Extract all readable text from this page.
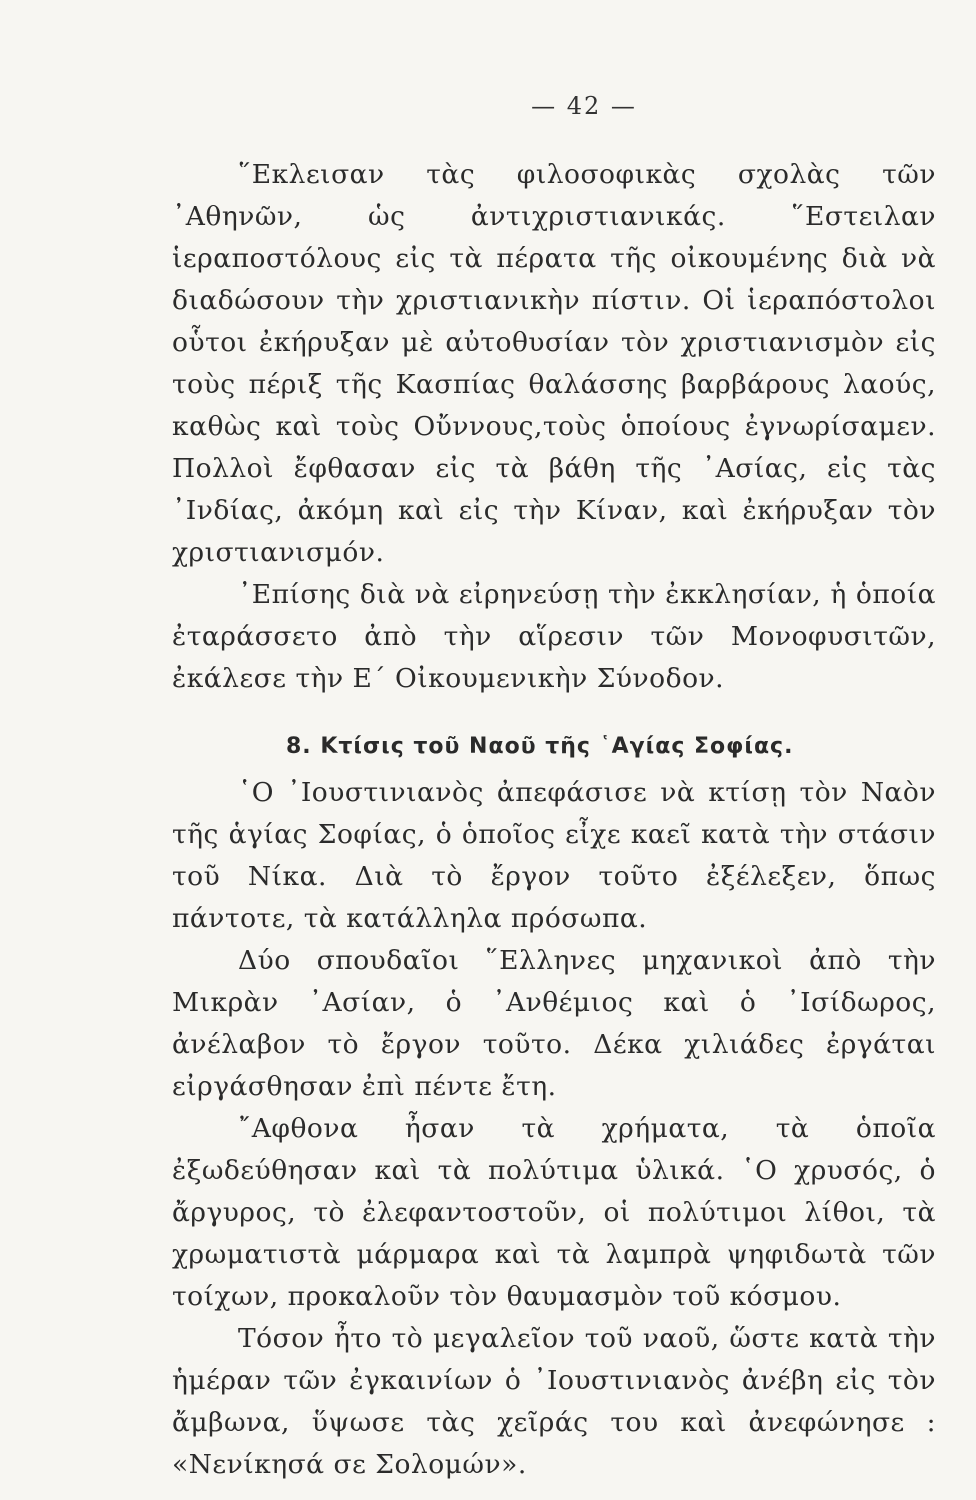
— 42 —

῞Εκλεισαν τὰς φιλοσοφικὰς σχολὰς τῶν ᾿Αθηνῶν, ὡς ἀντιχριστιανικάς. ῞Εστειλαν ἱεραποστόλους εἰς τὰ πέρατα τῆς οἰκουμένης διὰ νὰ διαδώσουν τὴν χριστιανικὴν πίστιν. Οἱ ἱεραπόστολοι οὗτοι ἐκήρυξαν μὲ αὐτοθυσίαν τὸν χριστιανισμὸν εἰς τοὺς πέριξ τῆς Κασπίας θαλάσσης βαρβάρους λαούς, καθὼς καὶ τοὺς Οὔννους,τοὺς ὁποίους ἐγνωρίσαμεν. Πολλοὶ ἔφθασαν εἰς τὰ βάθη τῆς ᾿Ασίας, εἰς τὰς ᾿Ινδίας, ἀκόμη καὶ εἰς τὴν Κίναν, καὶ ἐκήρυξαν τὸν χριστιανισμόν.

᾿Επίσης διὰ νὰ εἰρηνεύσῃ τὴν ἐκκλησίαν, ἡ ὁποία ἐταράσσετο ἀπὸ τὴν αἵρεσιν τῶν Μονοφυσιτῶν, ἐκάλεσε τὴν Ε΄ Οἰκουμενικὴν Σύνοδον.

8. Κτίσις τοῦ Ναοῦ τῆς ῾Αγίας Σοφίας.

῾Ο ᾿Ιουστινιανὸς ἀπεφάσισε νὰ κτίσῃ τὸν Ναὸν τῆς ἁγίας Σοφίας, ὁ ὁποῖος εἶχε καεῖ κατὰ τὴν στάσιν τοῦ Νίκα. Διὰ τὸ ἔργον τοῦτο ἐξέλεξεν, ὅπως πάντοτε, τὰ κατάλληλα πρόσωπα.

Δύο σπουδαῖοι ῞Ελληνες μηχανικοὶ ἀπὸ τὴν Μικρὰν ᾿Ασίαν, ὁ ᾿Ανθέμιος καὶ ὁ ᾿Ισίδωρος, ἀνέλαβον τὸ ἔργον τοῦτο. Δέκα χιλιάδες ἐργάται εἰργάσθησαν ἐπὶ πέντε ἔτη.

῎Αφθονα ἦσαν τὰ χρήματα, τὰ ὁποῖα ἐξωδεύθησαν καὶ τὰ πολύτιμα ὑλικά. ῾Ο χρυσός, ὁ ἄργυρος, τὸ ἐλεφαντοστοῦν, οἱ πολύτιμοι λίθοι, τὰ χρωματιστὰ μάρμαρα καὶ τὰ λαμπρὰ ψηφιδωτὰ τῶν τοίχων, προκαλοῦν τὸν θαυμασμὸν τοῦ κόσμου.

Τόσον ἦτο τὸ μεγαλεῖον τοῦ ναοῦ, ὥστε κατὰ τὴν ἡμέραν τῶν ἐγκαινίων ὁ ᾿Ιουστινιανὸς ἀνέβη εἰς τὸν ἄμβωνα, ὕψωσε τὰς χεῖράς του καὶ ἀνεφώνησε : «Νενίκησά σε Σολομών».
